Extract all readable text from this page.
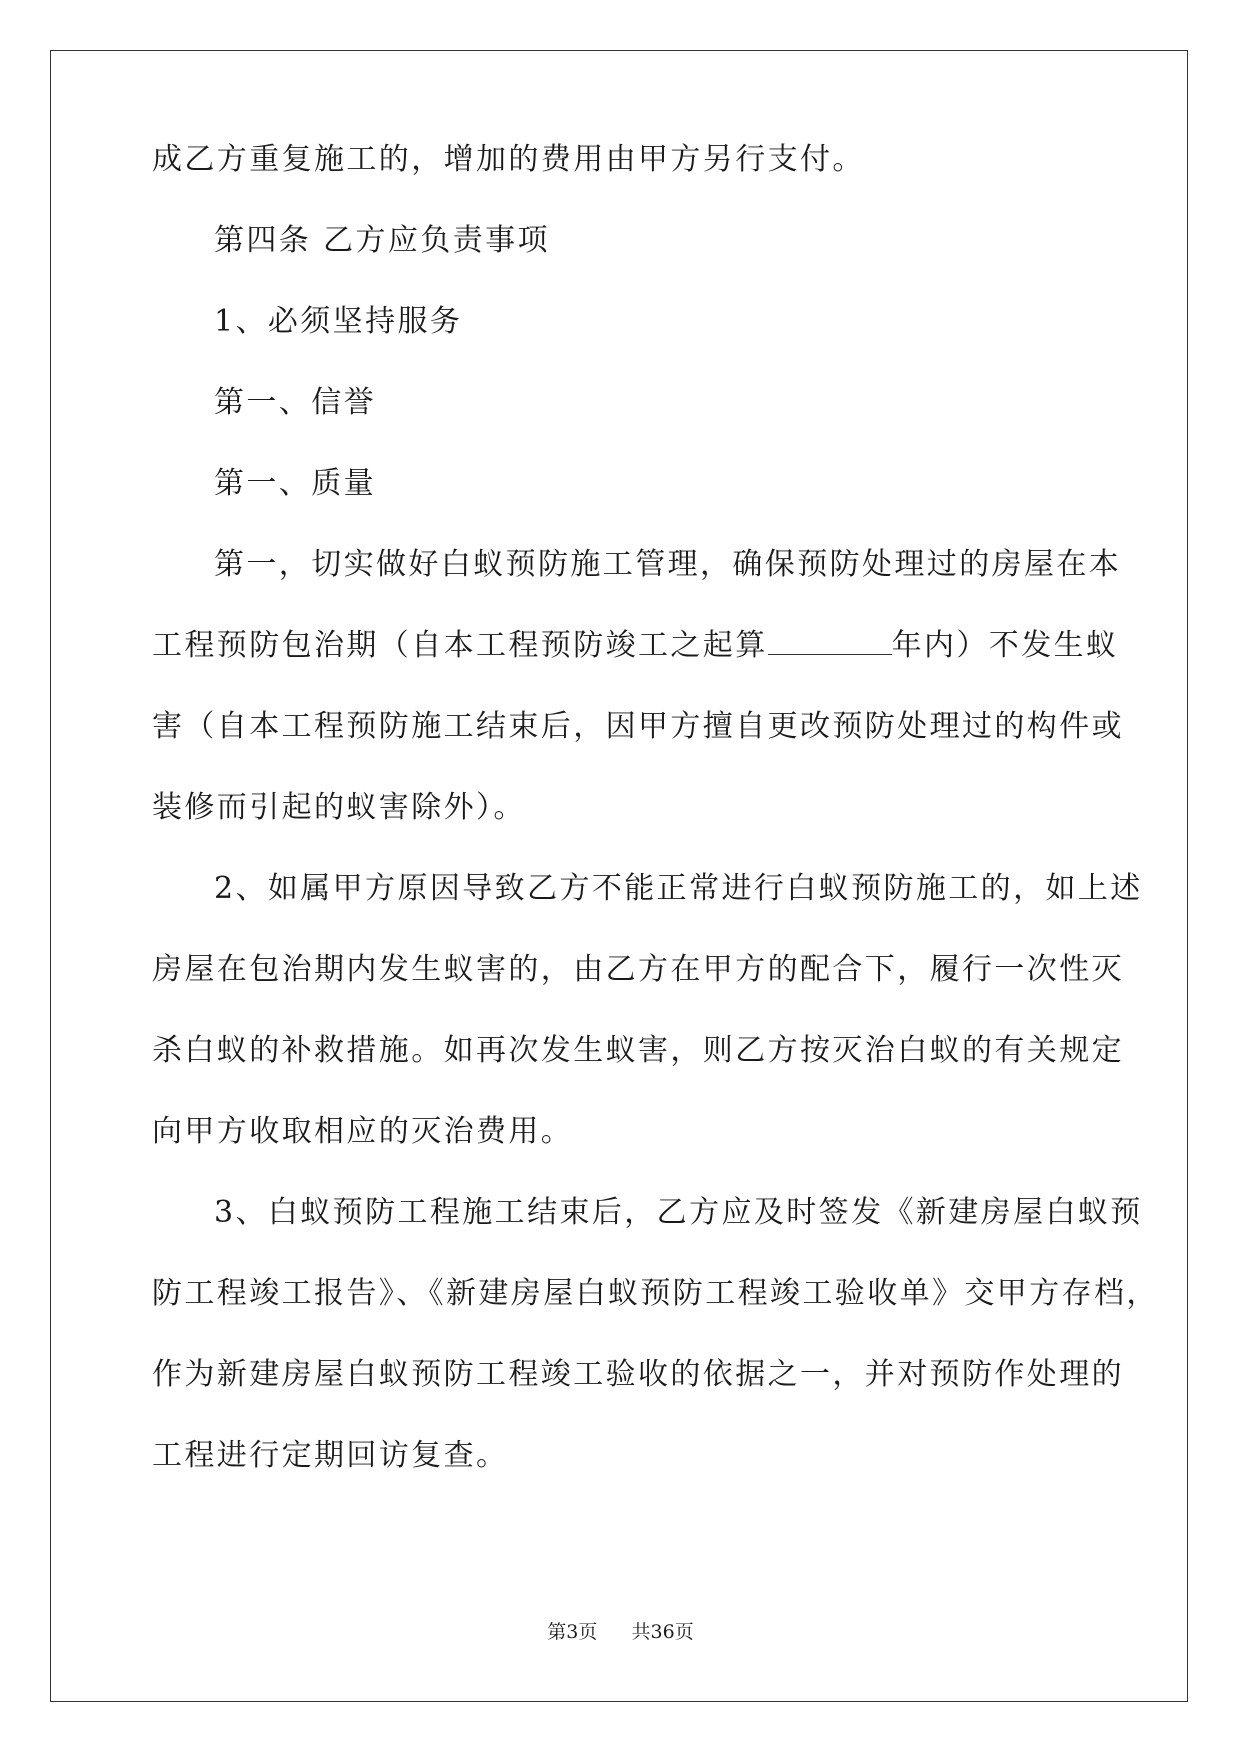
成乙方重复施工的，增加的费用由甲方另行支付。
第四条 乙方应负责事项
1、必须坚持服务
第一、信誉
第一、质量
第一，切实做好白蚁预防施工管理，确保预防处理过的房屋在本
工程预防包治期（自本工程预防竣工之起算	年内）不发生蚁
害（自本工程预防施工结束后，因甲方擅自更改预防处理过的构件或
装修而引起的蚁害除外）。
2、如属甲方原因导致乙方不能正常进行白蚁预防施工的，如上述
房屋在包治期内发生蚁害的，由乙方在甲方的配合下，履行一次性灭
杀白蚁的补救措施。如再次发生蚁害，则乙方按灭治白蚁的有关规定
向甲方收取相应的灭治费用。
3、白蚁预防工程施工结束后，乙方应及时签发《新建房屋白蚁预
防工程竣工报告》、《新建房屋白蚁预防工程竣工验收单》交甲方存档，
作为新建房屋白蚁预防工程竣工验收的依据之一，并对预防作处理的
工程进行定期回访复查。
第3页 共36页
